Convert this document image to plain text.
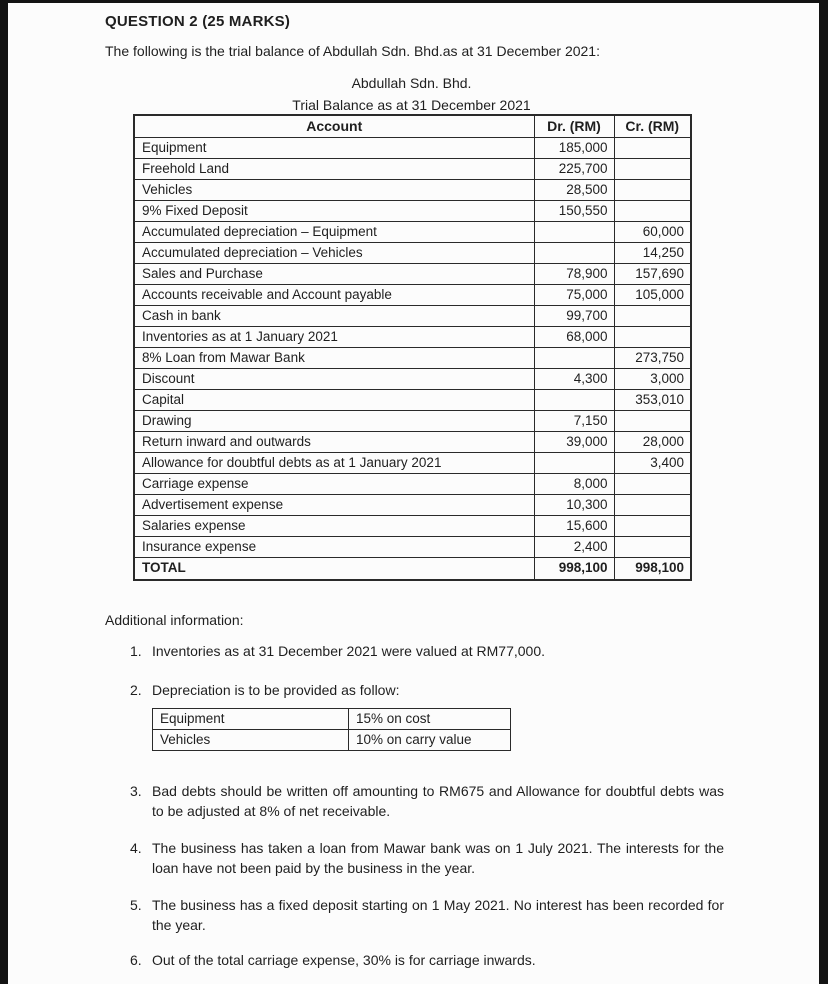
QUESTION 2 (25 MARKS)
The following is the trial balance of Abdullah Sdn. Bhd.as at 31 December 2021:
Abdullah Sdn. Bhd.
Trial Balance as at 31 December 2021
Account	Dr. (RM)	Cr. (RM)
Equipment	185,000	
Freehold Land	225,700	
Vehicles	28,500	
9% Fixed Deposit	150,550	
Accumulated depreciation – Equipment		60,000
Accumulated depreciation – Vehicles		14,250
Sales and Purchase	78,900	157,690
Accounts receivable and Account payable	75,000	105,000
Cash in bank	99,700	
Inventories as at 1 January 2021	68,000	
8% Loan from Mawar Bank		273,750
Discount	4,300	3,000
Capital		353,010
Drawing	7,150	
Return inward and outwards	39,000	28,000
Allowance for doubtful debts as at 1 January 2021		3,400
Carriage expense	8,000	
Advertisement expense	10,300	
Salaries expense	15,600	
Insurance expense	2,400	
TOTAL	998,100	998,100
Additional information:
1. Inventories as at 31 December 2021 were valued at RM77,000.
2. Depreciation is to be provided as follow:
Equipment	15% on cost
Vehicles	10% on carry value
3. Bad debts should be written off amounting to RM675 and Allowance for doubtful debts was to be adjusted at 8% of net receivable.
4. The business has taken a loan from Mawar bank was on 1 July 2021. The interests for the loan have not been paid by the business in the year.
5. The business has a fixed deposit starting on 1 May 2021. No interest has been recorded for the year.
6. Out of the total carriage expense, 30% is for carriage inwards.
